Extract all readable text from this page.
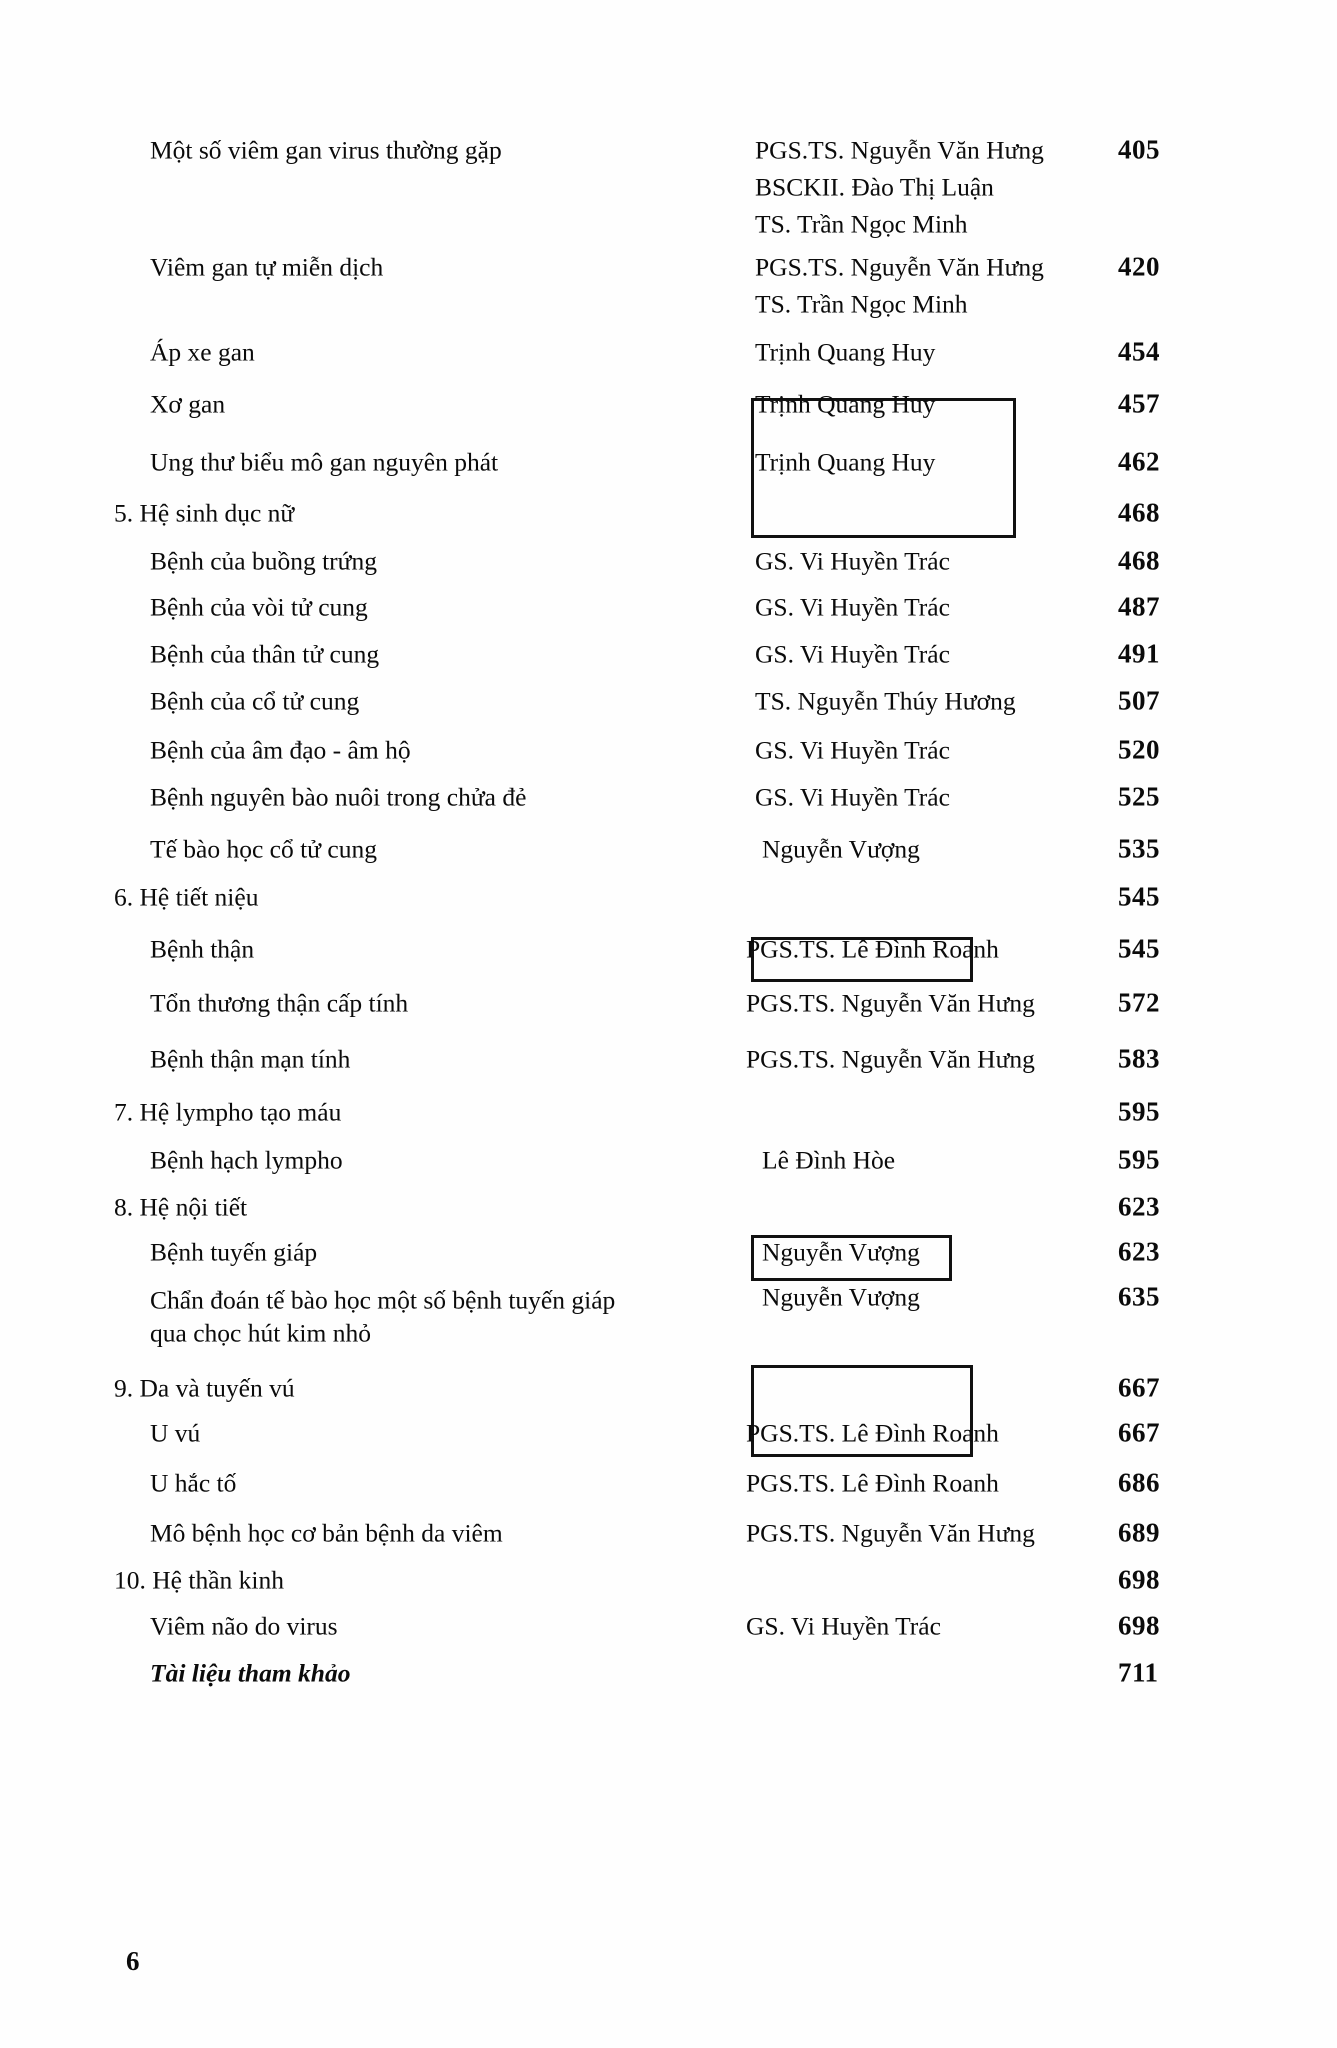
Một số viêm gan virus thường gặp	PGS.TS. Nguyễn Văn Hưng	405
BSCKII. Đào Thị Luận
TS. Trần Ngọc Minh
Viêm gan tự miễn dịch	PGS.TS. Nguyễn Văn Hưng	420
TS. Trần Ngọc Minh
Áp xe gan	Trịnh Quang Huy	454
Xơ gan	Trịnh Quang Huy	457
Ung thư biểu mô gan nguyên phát	Trịnh Quang Huy	462
5. Hệ sinh dục nữ	468
Bệnh của buồng trứng	GS. Vi Huyền Trác	468
Bệnh của vòi tử cung	GS. Vi Huyền Trác	487
Bệnh của thân tử cung	GS. Vi Huyền Trác	491
Bệnh của cổ tử cung	TS. Nguyễn Thúy Hương	507
Bệnh của âm đạo - âm hộ	GS. Vi Huyền Trác	520
Bệnh nguyên bào nuôi trong chửa đẻ	GS. Vi Huyền Trác	525
Tế bào học cổ tử cung	Nguyễn Vượng	535
6. Hệ tiết niệu	545
Bệnh thận	PGS.TS. Lê Đình Roanh	545
Tổn thương thận cấp tính	PGS.TS. Nguyễn Văn Hưng	572
Bệnh thận mạn tính	PGS.TS. Nguyễn Văn Hưng	583
7. Hệ lympho tạo máu	595
Bệnh hạch lympho	Lê Đình Hòe	595
8. Hệ nội tiết	623
Bệnh tuyến giáp	Nguyễn Vượng	623
Chẩn đoán tế bào học một số bệnh tuyến giáp qua chọc hút kim nhỏ
Nguyễn Vượng	635
9. Da và tuyến vú	667
U vú	PGS.TS. Lê Đình Roanh	667
U hắc tố	PGS.TS. Lê Đình Roanh	686
Mô bệnh học cơ bản bệnh da viêm	PGS.TS. Nguyễn Văn Hưng	689
10. Hệ thần kinh	698
Viêm não do virus	GS. Vi Huyền Trác	698
Tài liệu tham khảo	711
6
